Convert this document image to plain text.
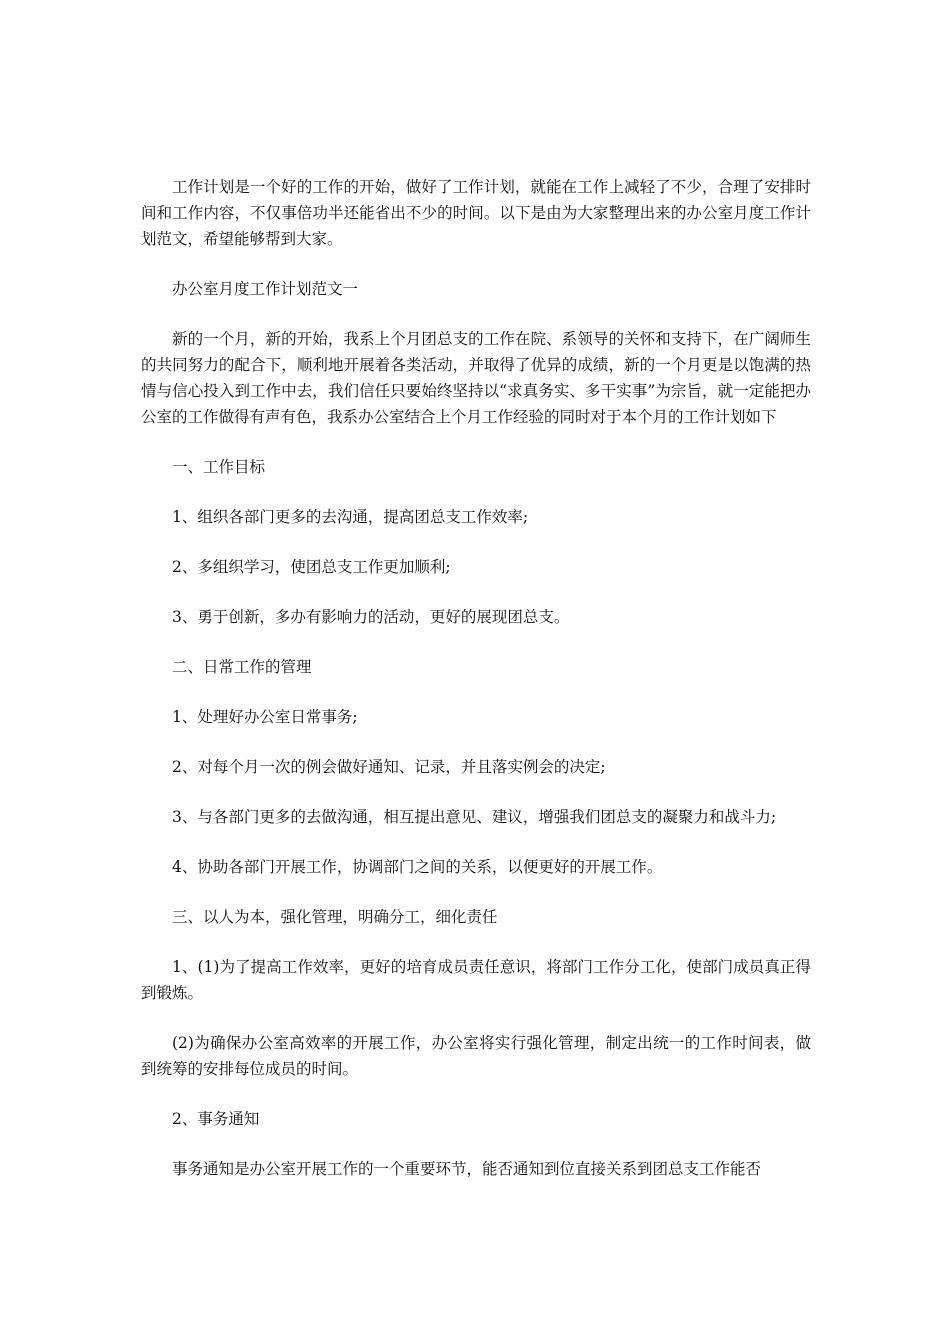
工作计划是一个好的工作的开始，做好了工作计划，就能在工作上减轻了不少，合理了安排时间和工作内容，不仅事倍功半还能省出不少的时间。以下是由为大家整理出来的办公室月度工作计划范文，希望能够帮到大家。

办公室月度工作计划范文一

新的一个月，新的开始，我系上个月团总支的工作在院、系领导的关怀和支持下，在广阔师生的共同努力的配合下，顺利地开展着各类活动，并取得了优异的成绩，新的一个月更是以饱满的热情与信心投入到工作中去，我们信任只要始终坚持以“求真务实、多干实事”为宗旨，就一定能把办公室的工作做得有声有色，我系办公室结合上个月工作经验的同时对于本个月的工作计划如下

一、工作目标

1、组织各部门更多的去沟通，提高团总支工作效率;

2、多组织学习，使团总支工作更加顺利;

3、勇于创新，多办有影响力的活动，更好的展现团总支。

二、日常工作的管理

1、处理好办公室日常事务;

2、对每个月一次的例会做好通知、记录，并且落实例会的决定;

3、与各部门更多的去做沟通，相互提出意见、建议，增强我们团总支的凝聚力和战斗力;

4、协助各部门开展工作，协调部门之间的关系，以便更好的开展工作。

三、以人为本，强化管理，明确分工，细化责任

1、(1)为了提高工作效率，更好的培育成员责任意识，将部门工作分工化，使部门成员真正得到锻炼。

(2)为确保办公室高效率的开展工作，办公室将实行强化管理，制定出统一的工作时间表，做到统筹的安排每位成员的时间。

2、事务通知

事务通知是办公室开展工作的一个重要环节，能否通知到位直接关系到团总支工作能否
